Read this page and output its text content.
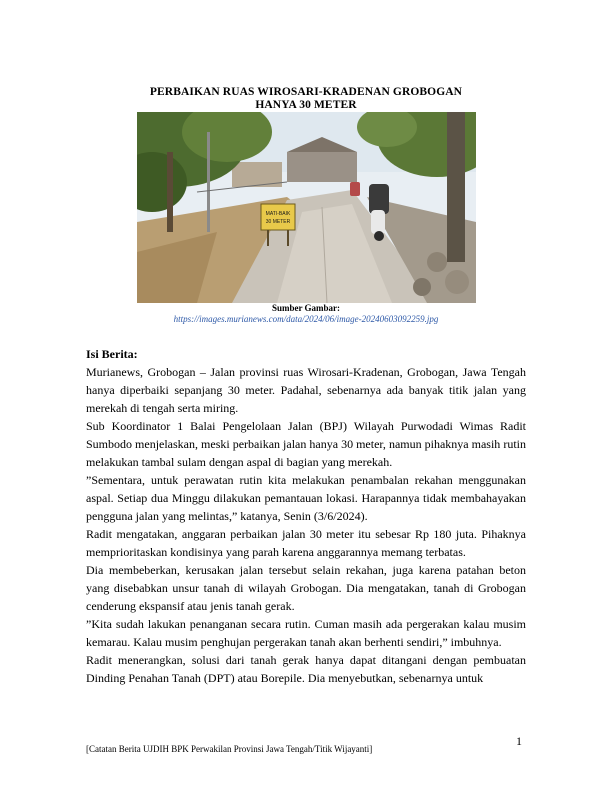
PERBAIKAN RUAS WIROSARI-KRADENAN GROBOGAN
HANYA 30 METER
MATI-BAIK
30 METER
Sumber Gambar:
https://images.murianews.com/data/2024/06/image-20240603092259.jpg
Isi Berita:

Murianews, Grobogan – Jalan provinsi ruas Wirosari-Kradenan, Grobogan, Jawa Tengah hanya diperbaiki sepanjang 30 meter. Padahal, sebenarnya ada banyak titik jalan yang merekah di tengah serta miring.

Sub Koordinator 1 Balai Pengelolaan Jalan (BPJ) Wilayah Purwodadi Wimas Radit Sumbodo menjelaskan, meski perbaikan jalan hanya 30 meter, namun pihaknya masih rutin melakukan tambal sulam dengan aspal di bagian yang merekah.

”Sementara, untuk perawatan rutin kita melakukan penambalan rekahan menggunakan aspal. Setiap dua Minggu dilakukan pemantauan lokasi. Harapannya tidak membahayakan pengguna jalan yang melintas,” katanya, Senin (3/6/2024).

Radit mengatakan, anggaran perbaikan jalan 30 meter itu sebesar Rp 180 juta. Pihaknya memprioritaskan kondisinya yang parah karena anggarannya memang terbatas.

Dia membeberkan, kerusakan jalan tersebut selain rekahan, juga karena patahan beton yang disebabkan unsur tanah di wilayah Grobogan. Dia mengatakan, tanah di Grobogan cenderung ekspansif atau jenis tanah gerak.

”Kita sudah lakukan penanganan secara rutin. Cuman masih ada pergerakan kalau musim kemarau. Kalau musim penghujan pergerakan tanah akan berhenti sendiri,” imbuhnya.

Radit menerangkan, solusi dari tanah gerak hanya dapat ditangani dengan pembuatan Dinding Penahan Tanah (DPT) atau Borepile. Dia menyebutkan, sebenarnya untuk

1
[Catatan Berita UJDIH BPK Perwakilan Provinsi Jawa Tengah/Titik Wijayanti]
